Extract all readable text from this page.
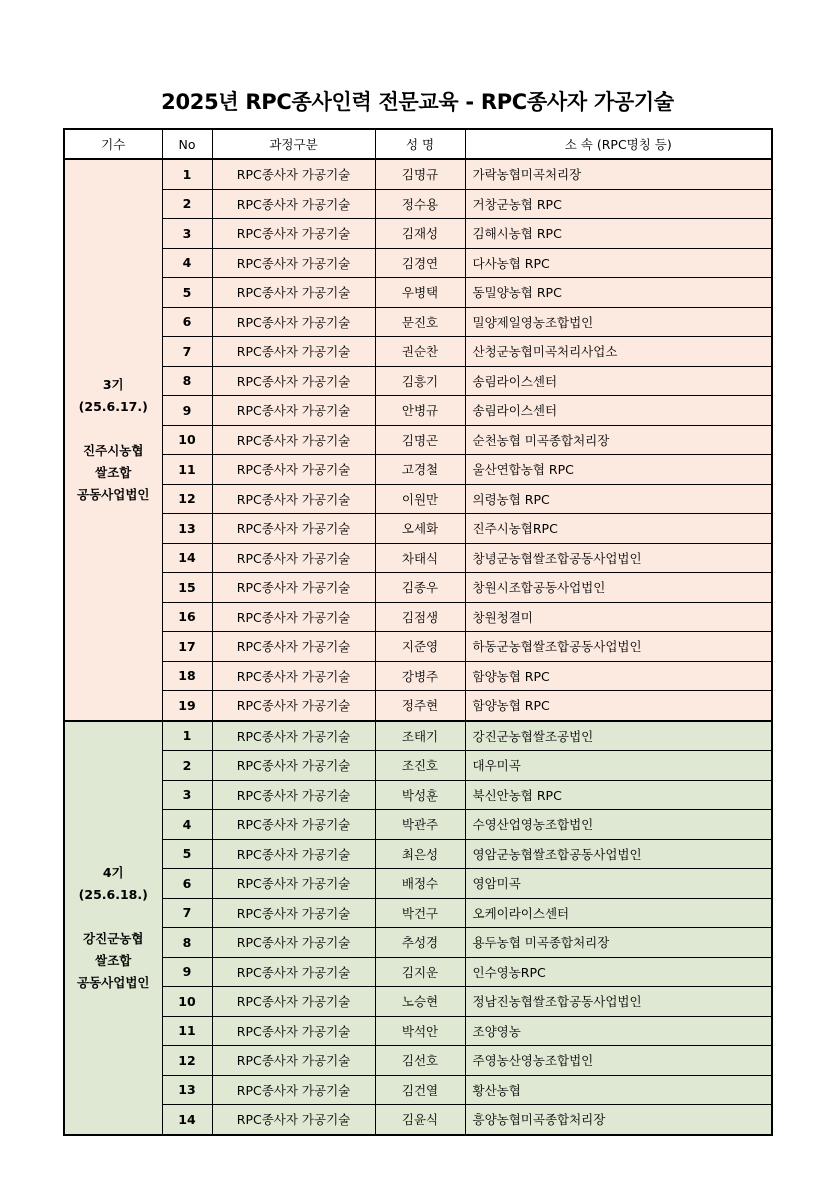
2025년 RPC종사인력 전문교육 - RPC종사자 가공기술
기수	No	과정구분	성 명	소 속 (RPC명칭 등)

3기
(25.6.17.)
진주시농협
쌀조합
공동사업법인	1	RPC종사자 가공기술	김명규	가락농협미곡처리장
	2	RPC종사자 가공기술	정수용	거창군농협 RPC
	3	RPC종사자 가공기술	김재성	김해시농협 RPC
	4	RPC종사자 가공기술	김경연	다사농협 RPC
	5	RPC종사자 가공기술	우병택	동밀양농협 RPC
	6	RPC종사자 가공기술	문진호	밀양제일영농조합법인
	7	RPC종사자 가공기술	권순찬	산청군농협미곡처리사업소
	8	RPC종사자 가공기술	김흥기	송림라이스센터
	9	RPC종사자 가공기술	안병규	송림라이스센터
	10	RPC종사자 가공기술	김명곤	순천농협 미곡종합처리장
	11	RPC종사자 가공기술	고경철	울산연합농협 RPC
	12	RPC종사자 가공기술	이원만	의령농협 RPC
	13	RPC종사자 가공기술	오세화	진주시농협RPC
	14	RPC종사자 가공기술	차태식	창녕군농협쌀조합공동사업법인
	15	RPC종사자 가공기술	김종우	창원시조합공동사업법인
	16	RPC종사자 가공기술	김점생	창원청결미
	17	RPC종사자 가공기술	지준영	하동군농협쌀조합공동사업법인
	18	RPC종사자 가공기술	강병주	함양농협 RPC
	19	RPC종사자 가공기술	정주현	함양농협 RPC

4기
(25.6.18.)
강진군농협
쌀조합
공동사업법인	1	RPC종사자 가공기술	조태기	강진군농협쌀조공법인
	2	RPC종사자 가공기술	조진호	대우미곡
	3	RPC종사자 가공기술	박성훈	북신안농협 RPC
	4	RPC종사자 가공기술	박관주	수영산업영농조합법인
	5	RPC종사자 가공기술	최은성	영암군농협쌀조합공동사업법인
	6	RPC종사자 가공기술	배정수	영암미곡
	7	RPC종사자 가공기술	박건구	오케이라이스센터
	8	RPC종사자 가공기술	추성경	용두농협 미곡종합처리장
	9	RPC종사자 가공기술	김지운	인수영농RPC
	10	RPC종사자 가공기술	노승현	정남진농협쌀조합공동사업법인
	11	RPC종사자 가공기술	박석안	조양영농
	12	RPC종사자 가공기술	김선호	주영농산영농조합법인
	13	RPC종사자 가공기술	김건열	황산농협
	14	RPC종사자 가공기술	김윤식	흥양농협미곡종합처리장
